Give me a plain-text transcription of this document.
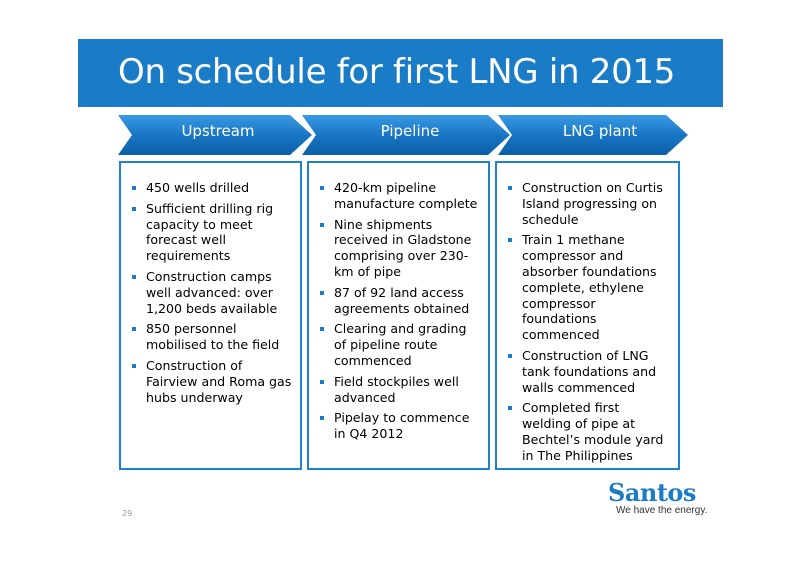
On schedule for first LNG in 2015
Upstream	Pipeline	LNG plant
450 wells drilled
Sufficient drilling rig capacity to meet forecast well requirements
Construction camps well advanced: over 1,200 beds available
850 personnel mobilised to the field
Construction of Fairview and Roma gas hubs underway
420-km pipeline manufacture complete
Nine shipments received in Gladstone comprising over 230-km of pipe
87 of 92 land access agreements obtained
Clearing and grading of pipeline route commenced
Field stockpiles well advanced
Pipelay to commence in Q4 2012
Construction on Curtis Island progressing on schedule
Train 1 methane compressor and absorber foundations complete, ethylene compressor foundations commenced
Construction of LNG tank foundations and walls commenced
Completed first welding of pipe at Bechtel’s module yard in The Philippines
29
Santos
We have the energy.
